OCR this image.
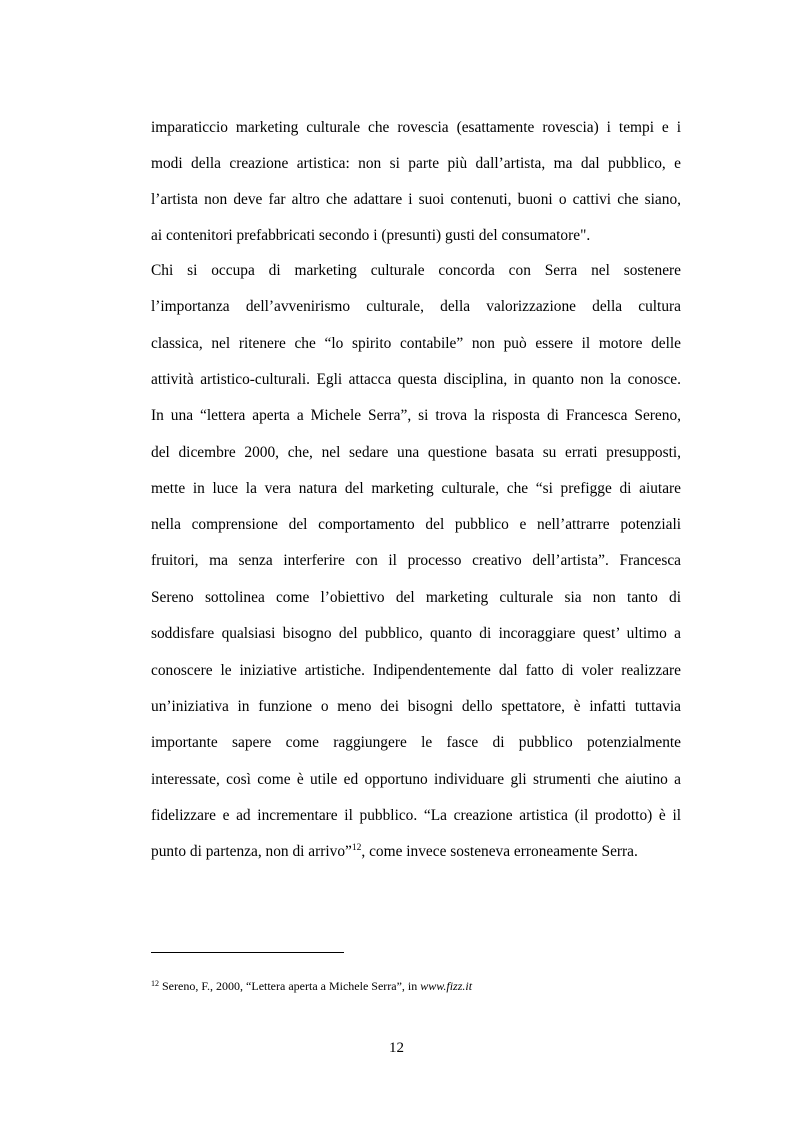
imparaticcio marketing culturale che rovescia (esattamente rovescia) i tempi e i

modi della creazione artistica: non si parte più dall’artista, ma dal pubblico, e

l’artista non deve far altro che adattare i suoi contenuti, buoni o cattivi che siano,

ai contenitori prefabbricati secondo i (presunti) gusti del consumatore".

Chi si occupa di marketing culturale concorda con Serra nel sostenere

l’importanza dell’avvenirismo culturale, della valorizzazione della cultura

classica, nel ritenere che “lo spirito contabile” non può essere il motore delle

attività artistico-culturali. Egli attacca questa disciplina, in quanto non la conosce.

In una “lettera aperta a Michele Serra”, si trova la risposta di Francesca Sereno,

del dicembre 2000, che, nel sedare una questione basata su errati presupposti,

mette in luce la vera natura del marketing culturale, che “si prefigge di aiutare

nella comprensione del comportamento del pubblico e nell’attrarre potenziali

fruitori, ma senza interferire con il processo creativo dell’artista”. Francesca

Sereno sottolinea come l’obiettivo del marketing culturale sia non tanto di

soddisfare qualsiasi bisogno del pubblico, quanto di incoraggiare quest’ ultimo a

conoscere le iniziative artistiche. Indipendentemente dal fatto di voler realizzare

un’iniziativa in funzione o meno dei bisogni dello spettatore, è infatti tuttavia

importante sapere come raggiungere le fasce di pubblico potenzialmente

interessate, così come è utile ed opportuno individuare gli strumenti che aiutino a

fidelizzare e ad incrementare il pubblico. “La creazione artistica (il prodotto) è il

punto di partenza, non di arrivo”$^{12}$, come invece sosteneva erroneamente Serra.

$^{12}$ Sereno, F., 2000, “Lettera aperta a Michele Serra”, in www.fizz.it
12
